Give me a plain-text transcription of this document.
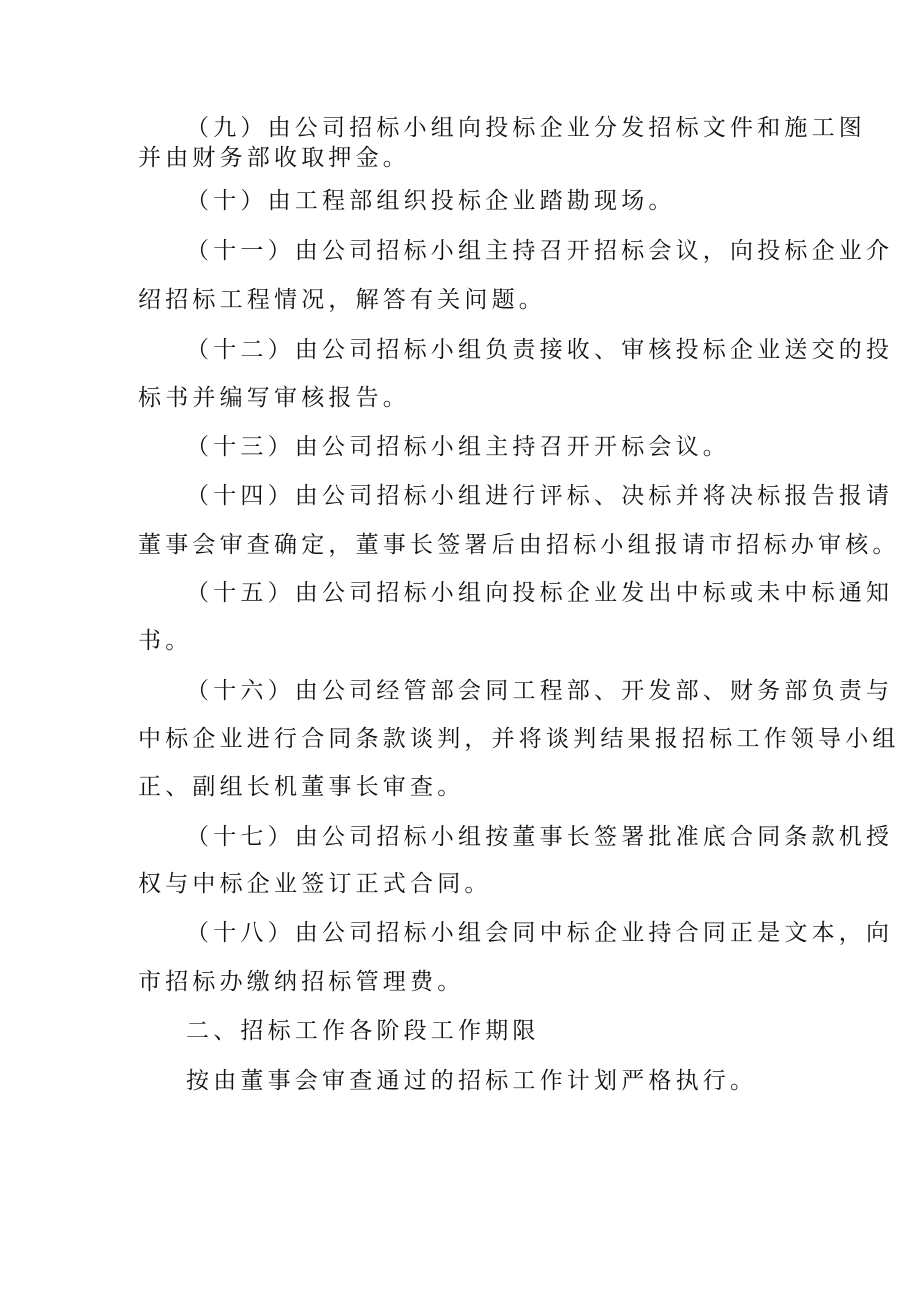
（九）由公司招标小组向投标企业分发招标文件和施工图

并由财务部收取押金。

（十）由工程部组织投标企业踏勘现场。

（十一）由公司招标小组主持召开招标会议，向投标企业介

绍招标工程情况，解答有关问题。

（十二）由公司招标小组负责接收、审核投标企业送交的投

标书并编写审核报告。

（十三）由公司招标小组主持召开开标会议。

（十四）由公司招标小组进行评标、决标并将决标报告报请

董事会审查确定，董事长签署后由招标小组报请市招标办审核。

（十五）由公司招标小组向投标企业发出中标或未中标通知

书。

（十六）由公司经管部会同工程部、开发部、财务部负责与

中标企业进行合同条款谈判，并将谈判结果报招标工作领导小组

正、副组长机董事长审查。

（十七）由公司招标小组按董事长签署批准底合同条款机授

权与中标企业签订正式合同。

（十八）由公司招标小组会同中标企业持合同正是文本，向

市招标办缴纳招标管理费。

二、招标工作各阶段工作期限

按由董事会审查通过的招标工作计划严格执行。
